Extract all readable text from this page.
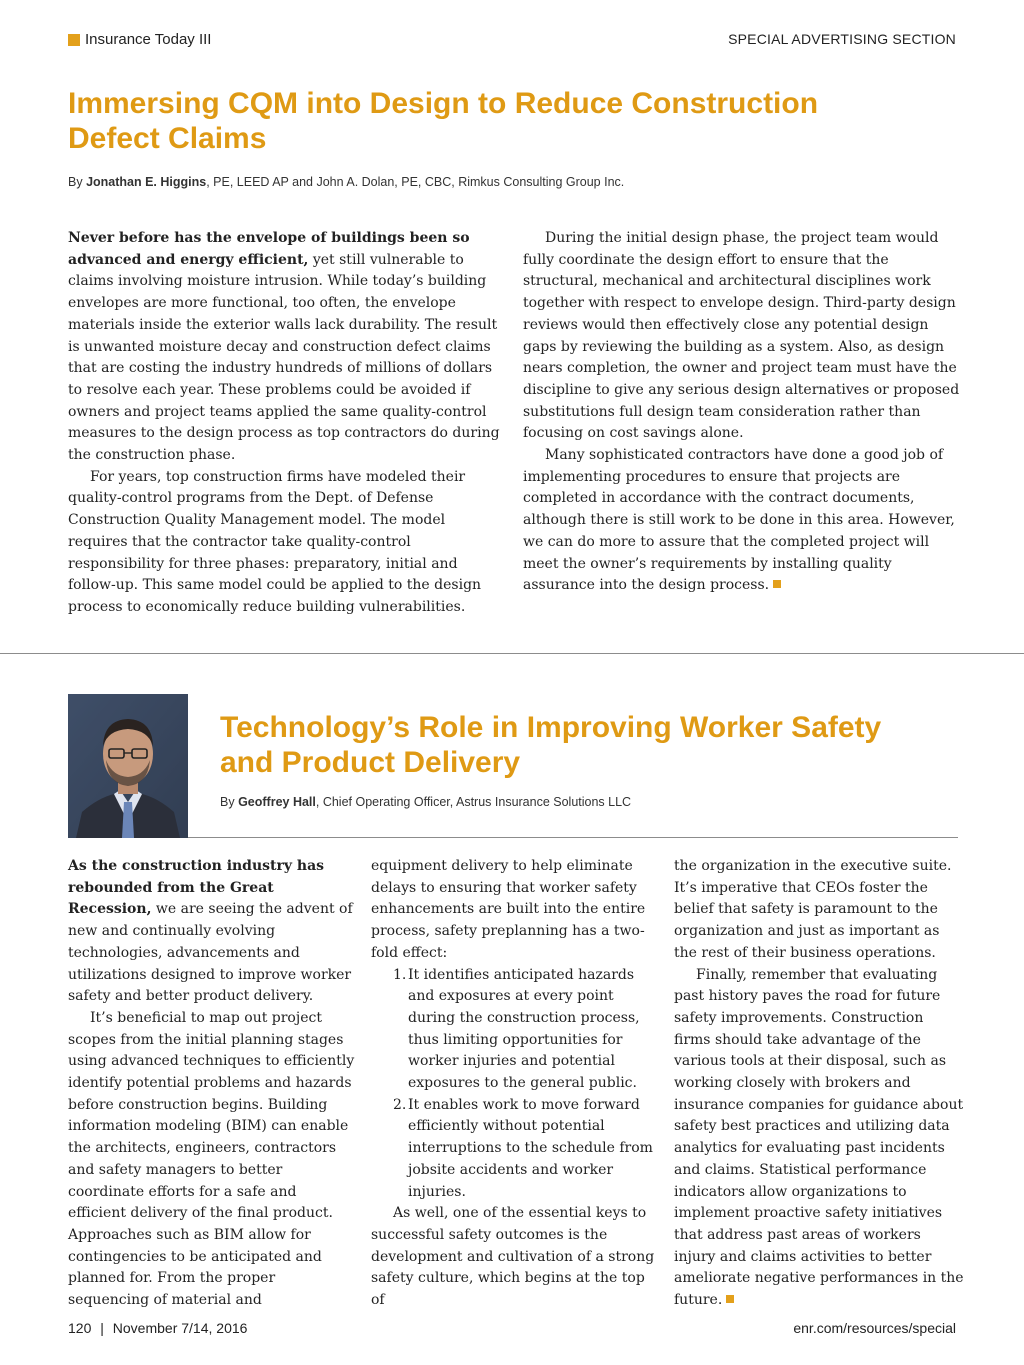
Insurance Today III	SPECIAL ADVERTISING SECTION
Immersing CQM into Design to Reduce Construction Defect Claims
By Jonathan E. Higgins, PE, LEED AP and John A. Dolan, PE, CBC, Rimkus Consulting Group Inc.

Never before has the envelope of buildings been so advanced and energy efficient, yet still vulnerable to claims involving moisture intrusion. While today’s building envelopes are more functional, too often, the envelope materials inside the exterior walls lack durability. The result is unwanted moisture decay and construction defect claims that are costing the industry hundreds of millions of dollars to resolve each year. These problems could be avoided if owners and project teams applied the same quality-control measures to the design process as top contractors do during the construction phase.

For years, top construction firms have modeled their quality-control programs from the Dept. of Defense Construction Quality Management model. The model requires that the contractor take quality-control responsibility for three phases: preparatory, initial and follow-up. This same model could be applied to the design process to economically reduce building vulnerabilities.

During the initial design phase, the project team would fully coordinate the design effort to ensure that the structural, mechanical and architectural disciplines work together with respect to envelope design. Third-party design reviews would then effectively close any potential design gaps by reviewing the building as a system. Also, as design nears completion, the owner and project team must have the discipline to give any serious design alternatives or proposed substitutions full design team consideration rather than focusing on cost savings alone.

Many sophisticated contractors have done a good job of implementing procedures to ensure that projects are completed in accordance with the contract documents, although there is still work to be done in this area. However, we can do more to assure that the completed project will meet the owner’s requirements by installing quality assurance into the design process.

Technology’s Role in Improving Worker Safety and Product Delivery
By Geoffrey Hall, Chief Operating Officer, Astrus Insurance Solutions LLC

As the construction industry has rebounded from the Great Recession, we are seeing the advent of new and continually evolving technologies, advancements and utilizations designed to improve worker safety and better product delivery.

It’s beneficial to map out project scopes from the initial planning stages using advanced techniques to efficiently identify potential problems and hazards before construction begins. Building information modeling (BIM) can enable the architects, engineers, contractors and safety managers to better coordinate efforts for a safe and efficient delivery of the final product. Approaches such as BIM allow for contingencies to be anticipated and planned for. From the proper sequencing of material and

equipment delivery to help eliminate delays to ensuring that worker safety enhancements are built into the entire process, safety preplanning has a two-fold effect:

1. It identifies anticipated hazards and exposures at every point during the construction process, thus limiting opportunities for worker injuries and potential exposures to the general public.
2. It enables work to move forward efficiently without potential interruptions to the schedule from jobsite accidents and worker injuries.

As well, one of the essential keys to successful safety outcomes is the development and cultivation of a strong safety culture, which begins at the top of

the organization in the executive suite. It’s imperative that CEOs foster the belief that safety is paramount to the organization and just as important as the rest of their business operations.

Finally, remember that evaluating past history paves the road for future safety improvements. Construction firms should take advantage of the various tools at their disposal, such as working closely with brokers and insurance companies for guidance about safety best practices and utilizing data analytics for evaluating past incidents and claims. Statistical performance indicators allow organizations to implement proactive safety initiatives that address past areas of workers injury and claims activities to better ameliorate negative performances in the future.

120 | November 7/14, 2016	enr.com/resources/special
